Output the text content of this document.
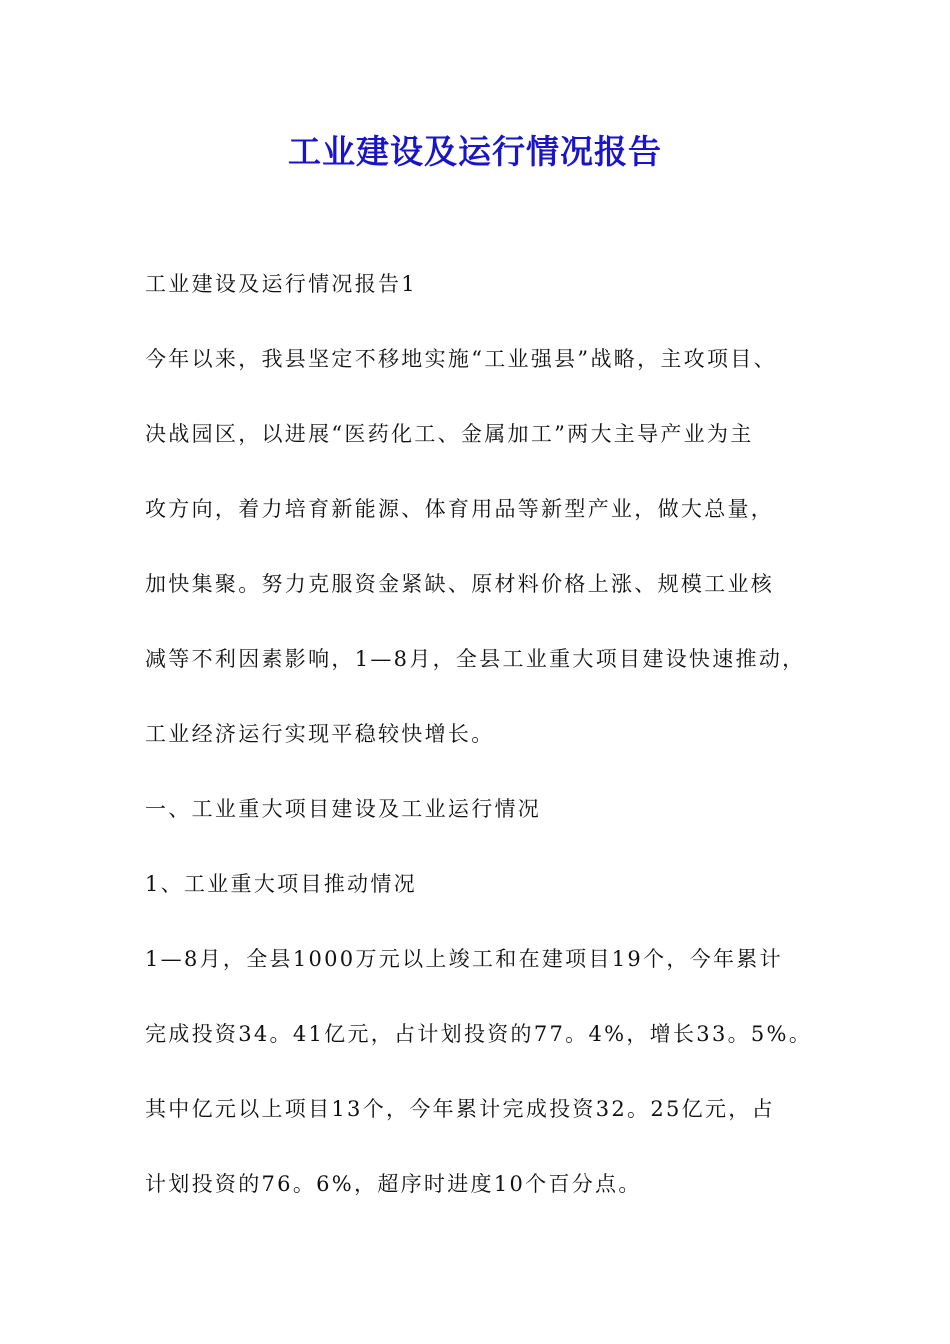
工业建设及运行情况报告
工业建设及运行情况报告1
今年以来，我县坚定不移地实施“工业强县”战略，主攻项目、
决战园区，以进展“医药化工、金属加工”两大主导产业为主
攻方向，着力培育新能源、体育用品等新型产业，做大总量，
加快集聚。努力克服资金紧缺、原材料价格上涨、规模工业核
减等不利因素影响，1—8月，全县工业重大项目建设快速推动，
工业经济运行实现平稳较快增长。
一、工业重大项目建设及工业运行情况
1、工业重大项目推动情况
1—8月，全县1000万元以上竣工和在建项目19个，今年累计
完成投资34。41亿元，占计划投资的77。4%，增长33。5%。
其中亿元以上项目13个，今年累计完成投资32。25亿元，占
计划投资的76。6%，超序时进度10个百分点。
